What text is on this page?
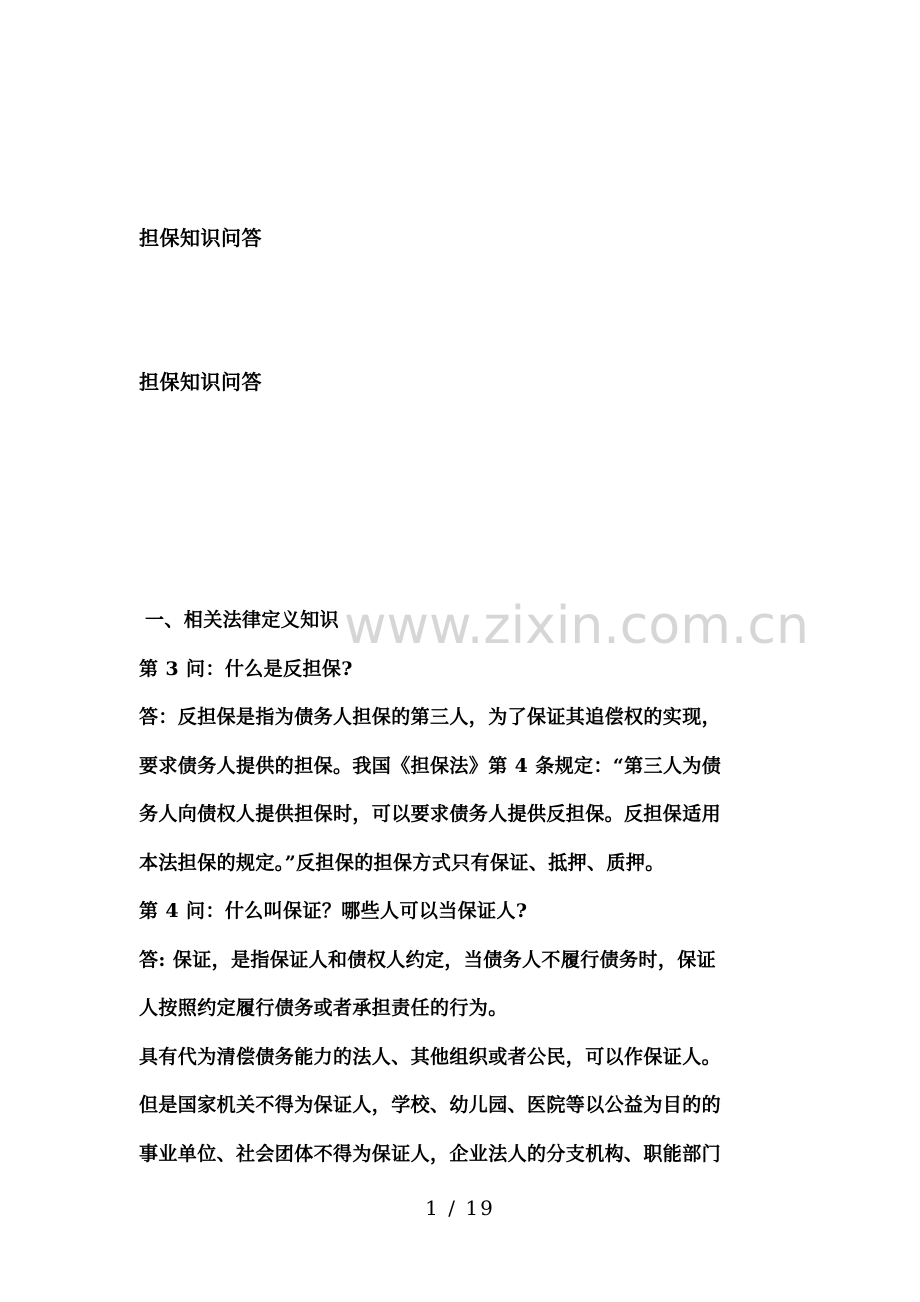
担保知识问答
担保知识问答
www.zixin.com.cn
一、相关法律定义知识
第 3 问：什么是反担保?
答：反担保是指为债务人担保的第三人，为了保证其追偿权的实现，
要求债务人提供的担保。我国《担保法》第 4 条规定：“第三人为债
务人向债权人提供担保时，可以要求债务人提供反担保。反担保适用
本法担保的规定。”反担保的担保方式只有保证、抵押、质押。
第 4 问：什么叫保证？哪些人可以当保证人?
答: 保证，是指保证人和债权人约定，当债务人不履行债务时，保证
人按照约定履行债务或者承担责任的行为。
具有代为清偿债务能力的法人、其他组织或者公民，可以作保证人。
但是国家机关不得为保证人，学校、幼儿园、医院等以公益为目的的
事业单位、社会团体不得为保证人，企业法人的分支机构、职能部门
1 / 19
